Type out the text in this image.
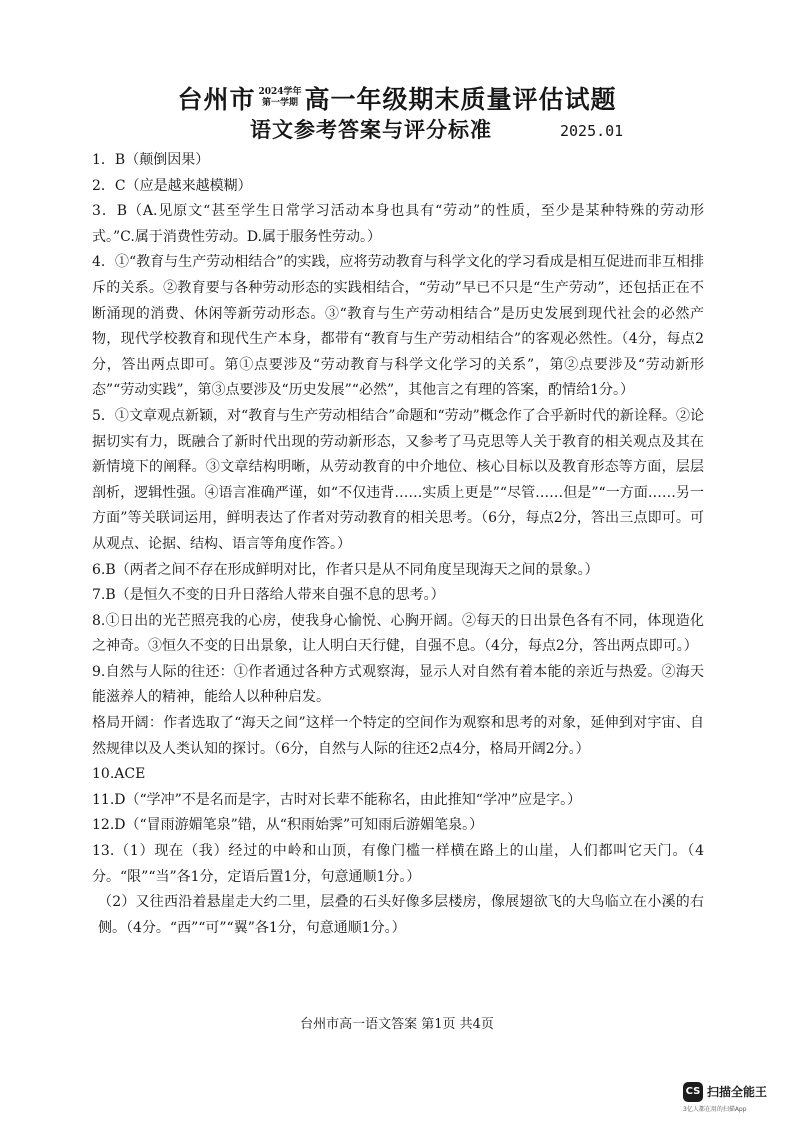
台州市 2024学年
第一学期 高一年级期末质量评估试题
语文参考答案与评分标准	2025.01

1．B（颠倒因果）

2．C（应是越来越模糊）

3．B（A.见原文“甚至学生日常学习活动本身也具有“劳动”的性质，至少是某种特殊的劳动形式。”C.属于消费性劳动。D.属于服务性劳动。）

4．①“教育与生产劳动相结合”的实践，应将劳动教育与科学文化的学习看成是相互促进而非互相排斥的关系。②教育要与各种劳动形态的实践相结合，“劳动”早已不只是“生产劳动”，还包括正在不断涌现的消费、休闲等新劳动形态。③“教育与生产劳动相结合”是历史发展到现代社会的必然产物，现代学校教育和现代生产本身，都带有“教育与生产劳动相结合”的客观必然性。（4分，每点2分，答出两点即可。第①点要涉及“劳动教育与科学文化学习的关系”，第②点要涉及“劳动新形态”“劳动实践”，第③点要涉及“历史发展”“必然”，其他言之有理的答案，酌情给1分。）

5．①文章观点新颖，对“教育与生产劳动相结合”命题和“劳动”概念作了合乎新时代的新诠释。②论据切实有力，既融合了新时代出现的劳动新形态，又参考了马克思等人关于教育的相关观点及其在新情境下的阐释。③文章结构明晰，从劳动教育的中介地位、核心目标以及教育形态等方面，层层剖析，逻辑性强。④语言准确严谨，如“不仅违背……实质上更是”“尽管……但是”“一方面……另一方面”等关联词运用，鲜明表达了作者对劳动教育的相关思考。（6分，每点2分，答出三点即可。可从观点、论据、结构、语言等角度作答。）

6.B（两者之间不存在形成鲜明对比，作者只是从不同角度呈现海天之间的景象。）

7.B（是恒久不变的日升日落给人带来自强不息的思考。）

8.①日出的光芒照亮我的心房，使我身心愉悦、心胸开阔。②每天的日出景色各有不同，体现造化之神奇。③恒久不变的日出景象，让人明白天行健，自强不息。（4分，每点2分，答出两点即可。）

9.自然与人际的往还：①作者通过各种方式观察海，显示人对自然有着本能的亲近与热爱。②海天能滋养人的精神，能给人以种种启发。

格局开阔：作者选取了“海天之间”这样一个特定的空间作为观察和思考的对象，延伸到对宇宙、自然规律以及人类认知的探讨。（6分，自然与人际的往还2点4分，格局开阔2分。）

10.ACE

11.D（“学冲”不是名而是字，古时对长辈不能称名，由此推知“学冲”应是字。）

12.D（“冒雨游媚笔泉”错，从“积雨始霁”可知雨后游媚笔泉。）

13.（1）现在（我）经过的中岭和山顶，有像门槛一样横在路上的山崖，人们都叫它天门。（4分。“限”“当”各1分，定语后置1分，句意通顺1分。）

（2）又往西沿着悬崖走大约二里，层叠的石头好像多层楼房，像展翅欲飞的大鸟临立在小溪的右侧。（4分。“西”“可”“翼”各1分，句意通顺1分。）

台州市高一语文答案 第1页 共4页
CS 扫描全能王
3亿人都在用的扫描App
